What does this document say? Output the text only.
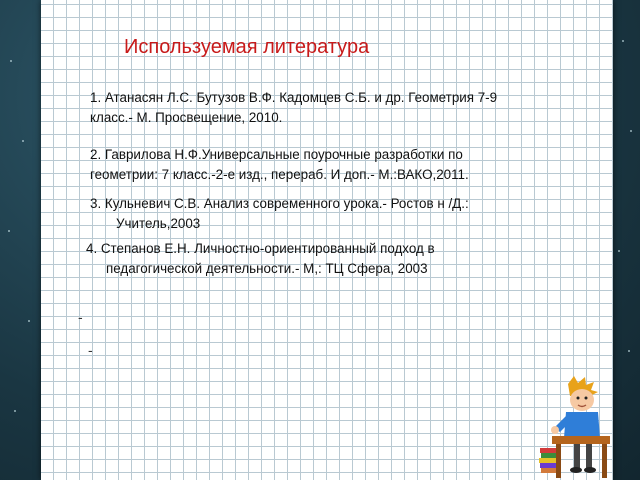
Используемая литература
1. Атанасян Л.С. Бутузов В.Ф. Кадомцев С.Б. и др. Геометрия 7-9
класс.- М. Просвещение, 2010.
2. Гаврилова Н.Ф.Универсальные поурочные разработки по
геометрии: 7 класс.-2-е изд., перераб. И доп.- М.:ВАКО,2011.
3. Кульневич С.В. Анализ современного урока.- Ростов н /Д.:
Учитель,2003
4. Степанов Е.Н. Личностно-ориентированный подход в
педагогической деятельности.- М,: ТЦ Сфера, 2003
-
-
